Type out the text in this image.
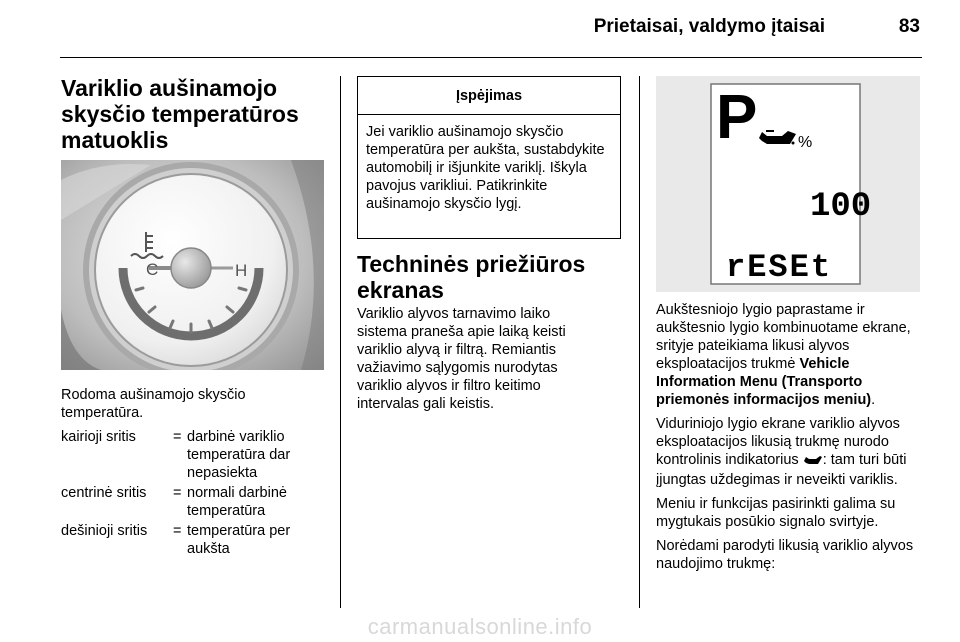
Prietaisai, valdymo įtaisai	83
Variklio aušinamojo skysčio temperatūros matuoklis
C	H
Rodoma aušinamojo skysčio temperatūra.
kairioji sritis	= darbinė variklio temperatūra dar nepasiekta
centrinė sritis	= normali darbinė temperatūra
dešinioji sritis	= temperatūra per aukšta
Įspėjimas
Jei variklio aušinamojo skysčio temperatūra per aukšta, sustabdykite automobilį ir išjunkite variklį. Iškyla pavojus varikliui. Patikrinkite aušinamojo skysčio lygį.
Techninės priežiūros ekranas
Variklio alyvos tarnavimo laiko sistema praneša apie laiką keisti variklio alyvą ir filtrą. Remiantis važiavimo sąlygomis nurodytas variklio alyvos ir filtro keitimo intervalas gali keistis.
P	%
100
rESEt

Aukštesniojo lygio paprastame ir aukštesnio lygio kombinuotame ekrane, srityje pateikiama likusi alyvos eksploatacijos trukmė Vehicle Information Menu (Transporto priemonės informacijos meniu).

Viduriniojo lygio ekrane variklio alyvos eksploatacijos likusią trukmę nurodo kontrolinis indikatorius : tam turi būti įjungtas uždegimas ir neveikti variklis.

Meniu ir funkcijas pasirinkti galima su mygtukais posūkio signalo svirtyje.

Norėdami parodyti likusią variklio alyvos naudojimo trukmę:

carmanualsonline.info
